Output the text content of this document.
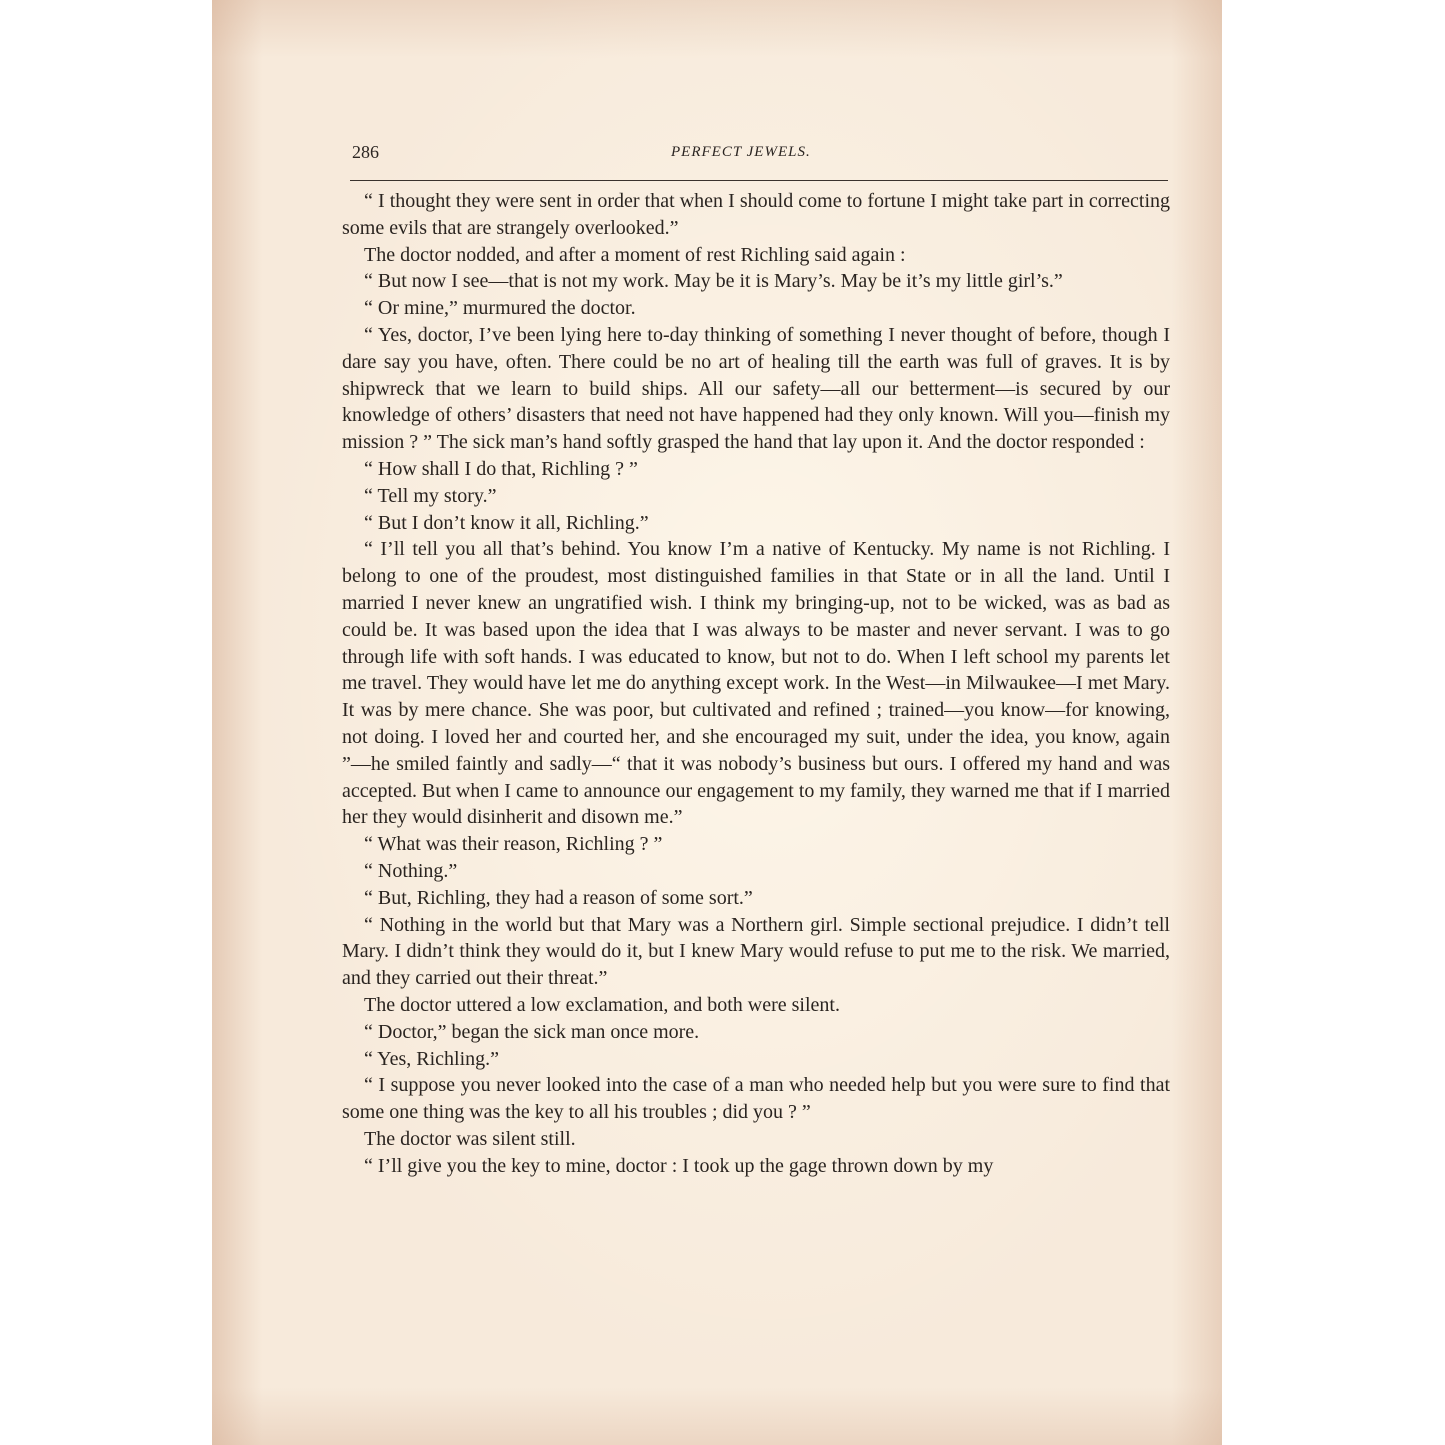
286	PERFECT JEWELS.

“ I thought they were sent in order that when I should come to fortune I might take part in correcting some evils that are strangely overlooked.”

The doctor nodded, and after a moment of rest Richling said again :

“ But now I see—that is not my work. May be it is Mary’s. May be it’s my little girl’s.”

“ Or mine,” murmured the doctor.

“ Yes, doctor, I’ve been lying here to-day thinking of something I never thought of before, though I dare say you have, often. There could be no art of healing till the earth was full of graves. It is by shipwreck that we learn to build ships. All our safety—all our betterment—is secured by our knowledge of others’ disasters that need not have happened had they only known. Will you—finish my mission ? ” The sick man’s hand softly grasped the hand that lay upon it. And the doctor responded :

“ How shall I do that, Richling ? ”

“ Tell my story.”

“ But I don’t know it all, Richling.”

“ I’ll tell you all that’s behind. You know I’m a native of Kentucky. My name is not Richling. I belong to one of the proudest, most distinguished families in that State or in all the land. Until I married I never knew an ungratified wish. I think my bringing-up, not to be wicked, was as bad as could be. It was based upon the idea that I was always to be master and never servant. I was to go through life with soft hands. I was educated to know, but not to do. When I left school my parents let me travel. They would have let me do anything except work. In the West—in Milwaukee—I met Mary. It was by mere chance. She was poor, but cultivated and refined ; trained—you know—for knowing, not doing. I loved her and courted her, and she encouraged my suit, under the idea, you know, again ”—he smiled faintly and sadly—“ that it was nobody’s business but ours. I offered my hand and was accepted. But when I came to announce our engagement to my family, they warned me that if I married her they would disinherit and disown me.”

“ What was their reason, Richling ? ”

“ Nothing.”

“ But, Richling, they had a reason of some sort.”

“ Nothing in the world but that Mary was a Northern girl. Simple sectional prejudice. I didn’t tell Mary. I didn’t think they would do it, but I knew Mary would refuse to put me to the risk. We married, and they carried out their threat.”

The doctor uttered a low exclamation, and both were silent.

“ Doctor,” began the sick man once more.

“ Yes, Richling.”

“ I suppose you never looked into the case of a man who needed help but you were sure to find that some one thing was the key to all his troubles ; did you ? ”

The doctor was silent still.

“ I’ll give you the key to mine, doctor : I took up the gage thrown down by my
